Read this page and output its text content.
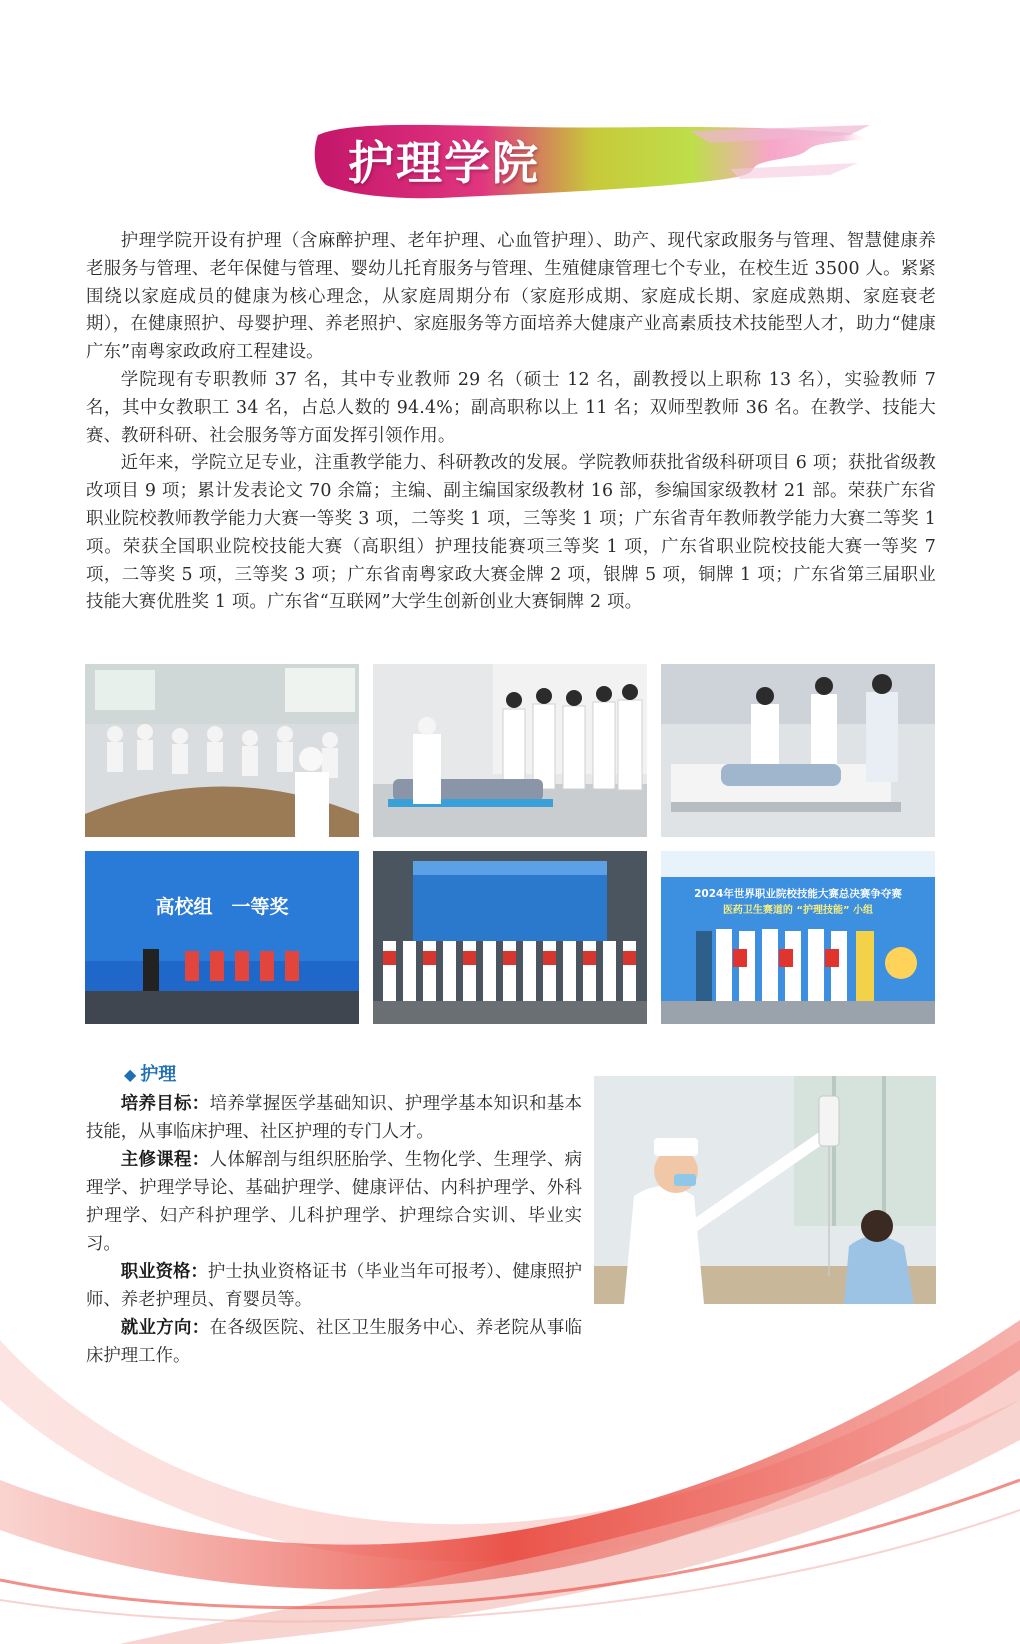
护理学院

护理学院开设有护理（含麻醉护理、老年护理、心血管护理）、助产、现代家政服务与管理、智慧健康养老服务与管理、老年保健与管理、婴幼儿托育服务与管理、生殖健康管理七个专业，在校生近 3500 人。紧紧围绕以家庭成员的健康为核心理念，从家庭周期分布（家庭形成期、家庭成长期、家庭成熟期、家庭衰老期），在健康照护、母婴护理、养老照护、家庭服务等方面培养大健康产业高素质技术技能型人才，助力“健康广东”南粤家政政府工程建设。

学院现有专职教师 37 名，其中专业教师 29 名（硕士 12 名，副教授以上职称 13 名），实验教师 7 名，其中女教职工 34 名，占总人数的 94.4%；副高职称以上 11 名；双师型教师 36 名。在教学、技能大赛、教研科研、社会服务等方面发挥引领作用。

近年来，学院立足专业，注重教学能力、科研教改的发展。学院教师获批省级科研项目 6 项；获批省级教改项目 9 项；累计发表论文 70 余篇；主编、副主编国家级教材 16 部，参编国家级教材 21 部。荣获广东省职业院校教师教学能力大赛一等奖 3 项，二等奖 1 项，三等奖 1 项；广东省青年教师教学能力大赛二等奖 1 项。荣获全国职业院校技能大赛（高职组）护理技能赛项三等奖 1 项，广东省职业院校技能大赛一等奖 7 项，二等奖 5 项，三等奖 3 项；广东省南粤家政大赛金牌 2 项，银牌 5 项，铜牌 1 项；广东省第三届职业技能大赛优胜奖 1 项。广东省“互联网”大学生创新创业大赛铜牌 2 项。

高校组　一等奖
2024年世界职业院校技能大赛总决赛争夺赛
医药卫生赛道的 “护理技能” 小组
◆ 护理

培养目标：培养掌握医学基础知识、护理学基本知识和基本技能，从事临床护理、社区护理的专门人才。

主修课程：人体解剖与组织胚胎学、生物化学、生理学、病理学、护理学导论、基础护理学、健康评估、内科护理学、外科护理学、妇产科护理学、儿科护理学、护理综合实训、毕业实习。

职业资格：护士执业资格证书（毕业当年可报考）、健康照护师、养老护理员、育婴员等。

就业方向：在各级医院、社区卫生服务中心、养老院从事临床护理工作。
